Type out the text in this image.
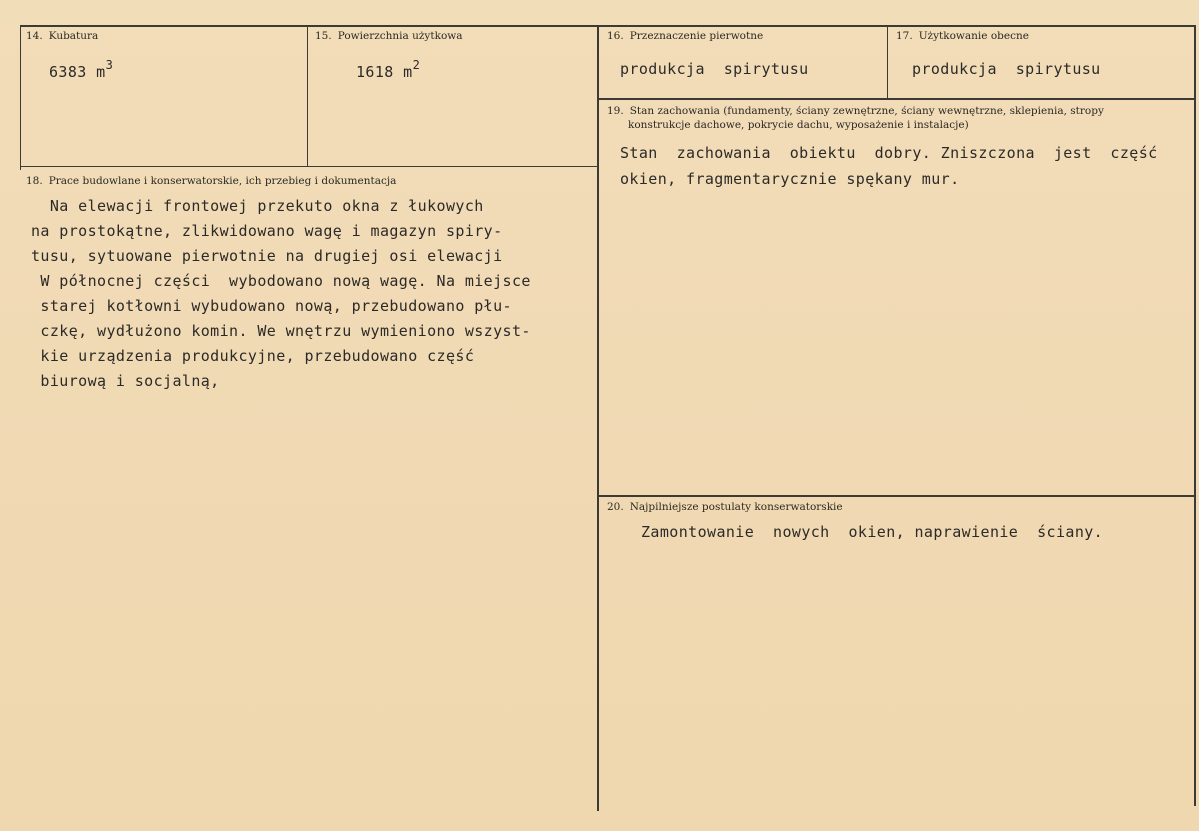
14. Kubatura
6383 $m^3$
15. Powierzchnia użytkowa
1618 $m^2$
16. Przeznaczenie pierwotne
produkcja  spirytusu
17. Użytkowanie obecne
produkcja  spirytusu
19. Stan zachowania (fundamenty, ściany zewnętrzne, ściany wewnętrzne, sklepienia, stropy
konstrukcje dachowe, pokrycie dachu, wyposażenie i instalacje)
Stan  zachowania  obiektu  dobry. Zniszczona  jest  część
okien, fragmentarycznie spękany mur.
18. Prace budowlane i konserwatorskie, ich przebieg i dokumentacja
Na elewacji frontowej przekuto okna z łukowych
na prostokątne, zlikwidowano wagę i magazyn spiry-
tusu, sytuowane pierwotnie na drugiej osi elewacji
W północnej części  wybodowano nową wagę. Na miejsce
starej kotłowni wybudowano nową, przebudowano płu-
czkę, wydłużono komin. We wnętrzu wymieniono wszyst-
kie urządzenia produkcyjne, przebudowano część
biurową i socjalną,
20. Najpilniejsze postulaty konserwatorskie
Zamontowanie  nowych  okien, naprawienie  ściany.
